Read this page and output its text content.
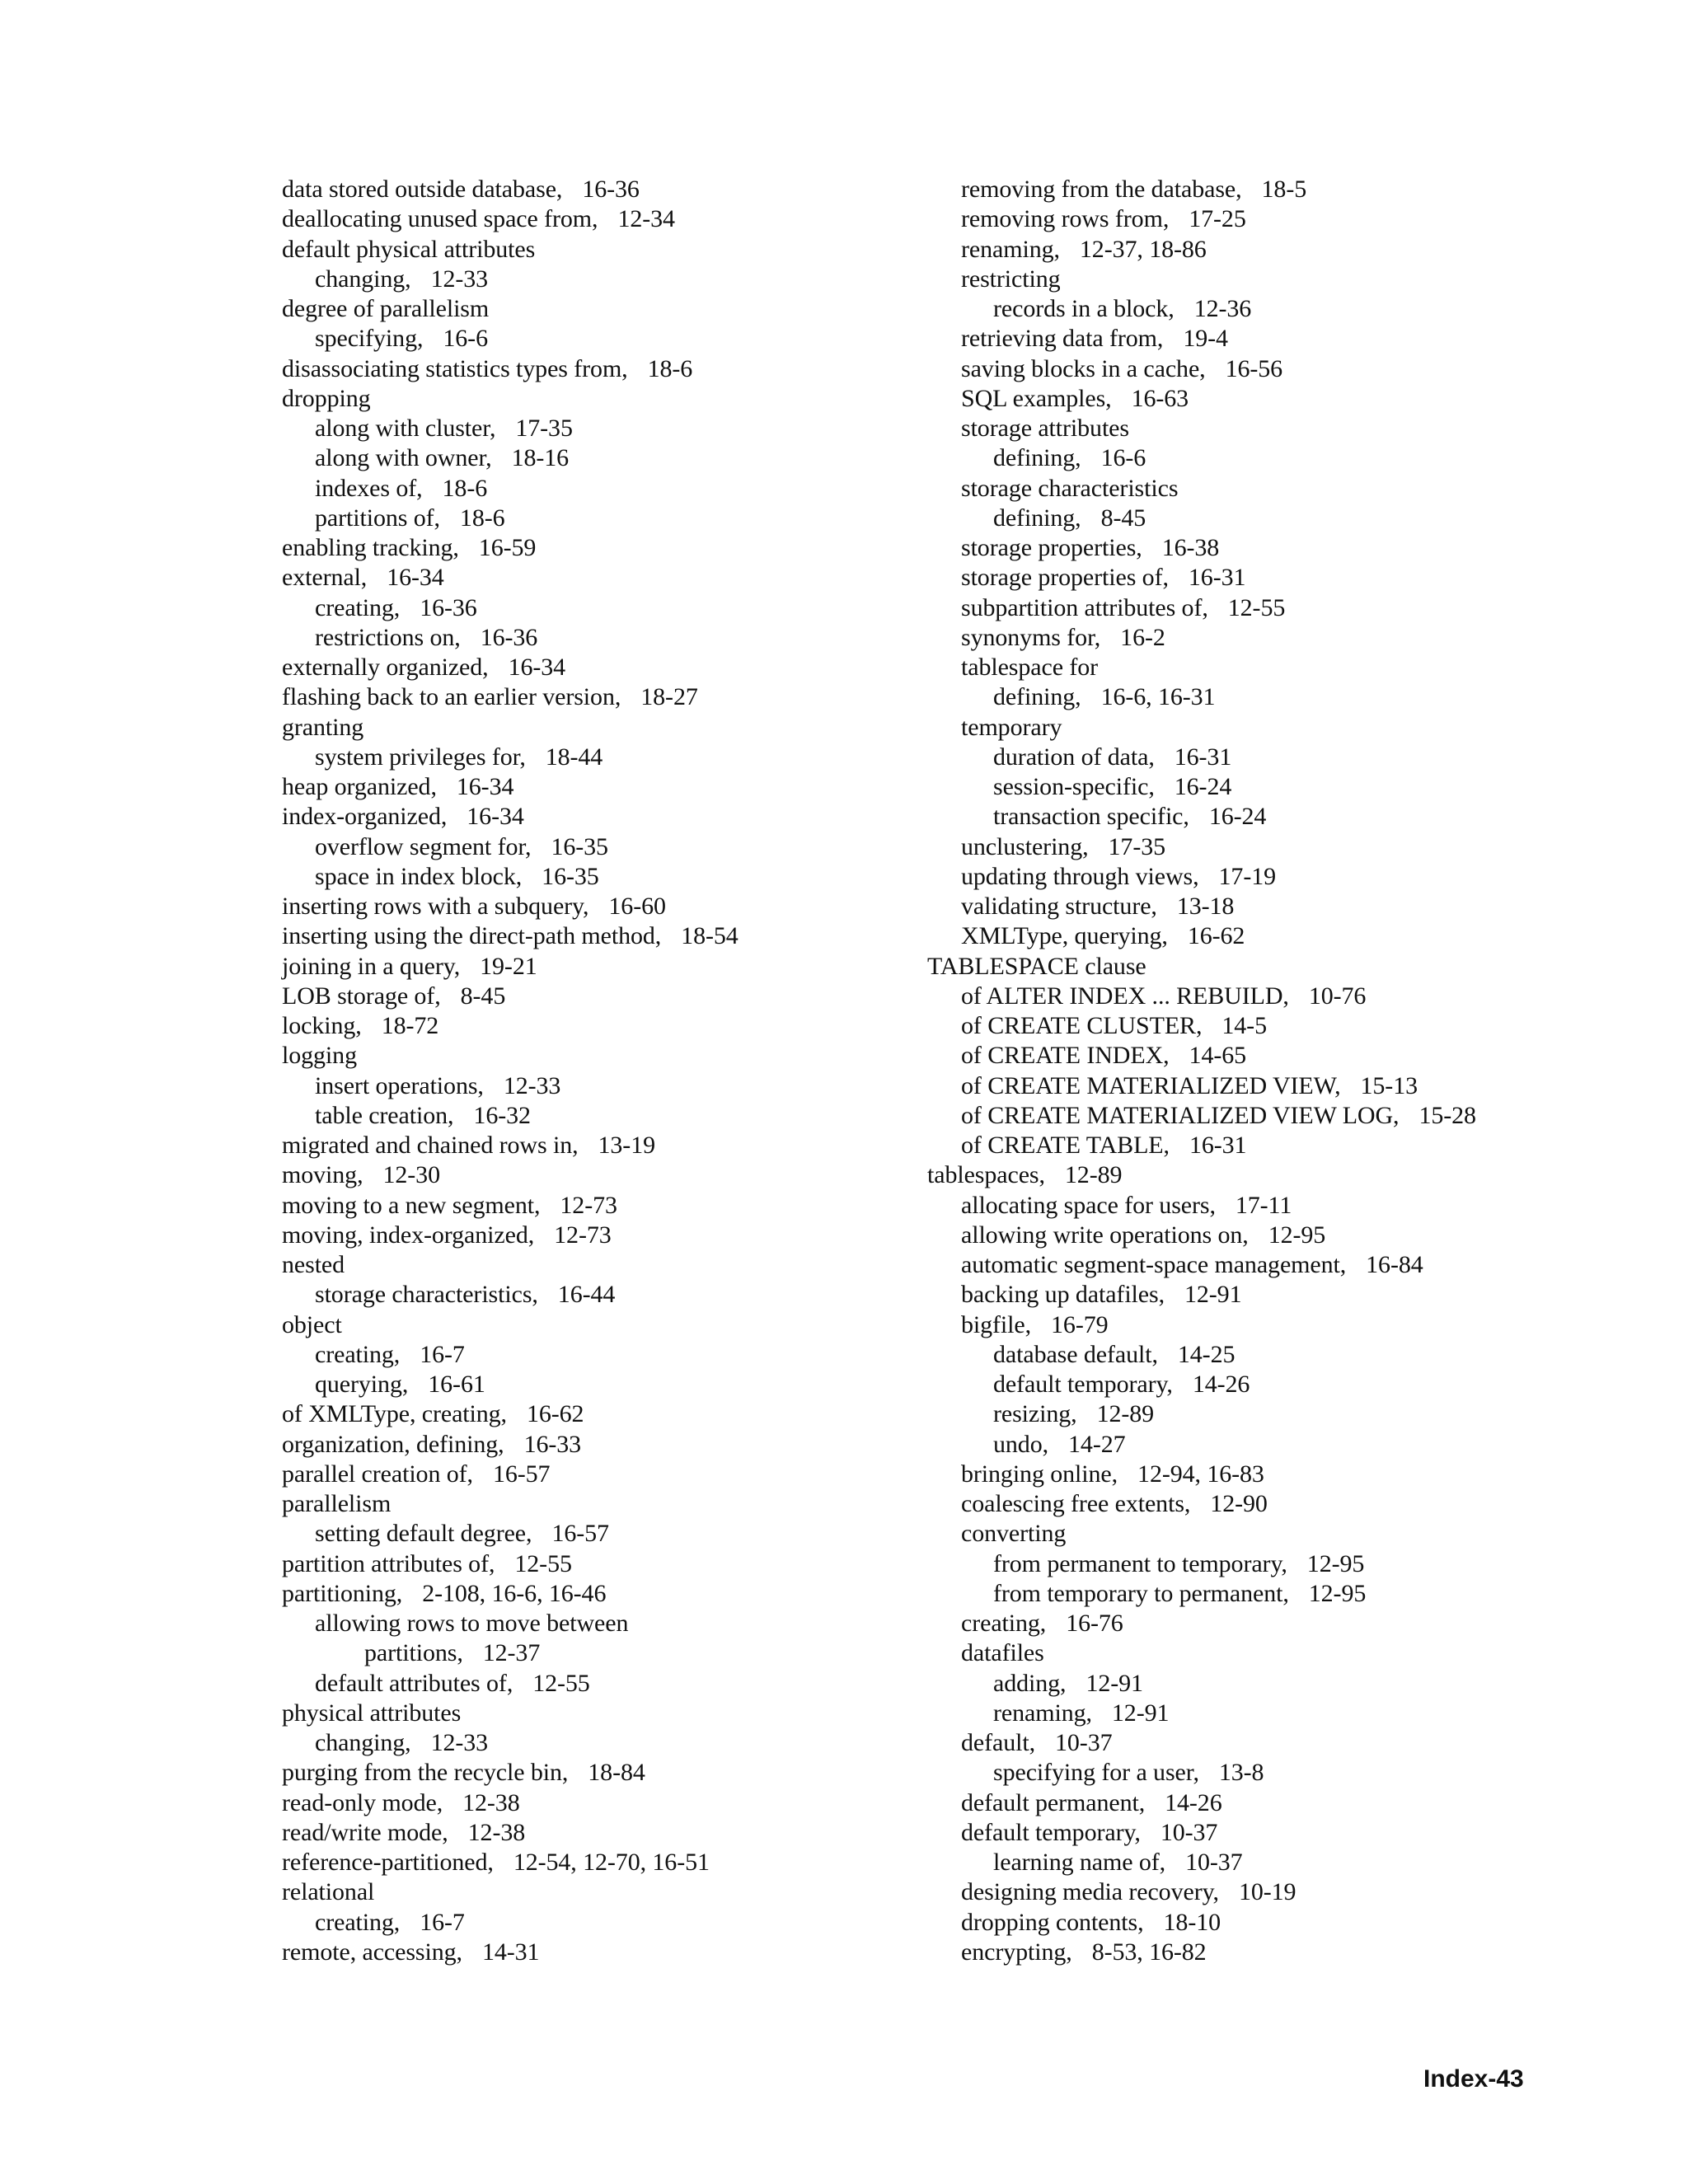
data stored outside database, 16-36
deallocating unused space from, 12-34
default physical attributes
changing, 12-33
degree of parallelism
specifying, 16-6
disassociating statistics types from, 18-6
dropping
along with cluster, 17-35
along with owner, 18-16
indexes of, 18-6
partitions of, 18-6
enabling tracking, 16-59
external, 16-34
creating, 16-36
restrictions on, 16-36
externally organized, 16-34
flashing back to an earlier version, 18-27
granting
system privileges for, 18-44
heap organized, 16-34
index-organized, 16-34
overflow segment for, 16-35
space in index block, 16-35
inserting rows with a subquery, 16-60
inserting using the direct-path method, 18-54
joining in a query, 19-21
LOB storage of, 8-45
locking, 18-72
logging
insert operations, 12-33
table creation, 16-32
migrated and chained rows in, 13-19
moving, 12-30
moving to a new segment, 12-73
moving, index-organized, 12-73
nested
storage characteristics, 16-44
object
creating, 16-7
querying, 16-61
of XMLType, creating, 16-62
organization, defining, 16-33
parallel creation of, 16-57
parallelism
setting default degree, 16-57
partition attributes of, 12-55
partitioning, 2-108, 16-6, 16-46
allowing rows to move between
partitions, 12-37
default attributes of, 12-55
physical attributes
changing, 12-33
purging from the recycle bin, 18-84
read-only mode, 12-38
read/write mode, 12-38
reference-partitioned, 12-54, 12-70, 16-51
relational
creating, 16-7
remote, accessing, 14-31
removing from the database, 18-5
removing rows from, 17-25
renaming, 12-37, 18-86
restricting
records in a block, 12-36
retrieving data from, 19-4
saving blocks in a cache, 16-56
SQL examples, 16-63
storage attributes
defining, 16-6
storage characteristics
defining, 8-45
storage properties, 16-38
storage properties of, 16-31
subpartition attributes of, 12-55
synonyms for, 16-2
tablespace for
defining, 16-6, 16-31
temporary
duration of data, 16-31
session-specific, 16-24
transaction specific, 16-24
unclustering, 17-35
updating through views, 17-19
validating structure, 13-18
XMLType, querying, 16-62
TABLESPACE clause
of ALTER INDEX ... REBUILD, 10-76
of CREATE CLUSTER, 14-5
of CREATE INDEX, 14-65
of CREATE MATERIALIZED VIEW, 15-13
of CREATE MATERIALIZED VIEW LOG, 15-28
of CREATE TABLE, 16-31
tablespaces, 12-89
allocating space for users, 17-11
allowing write operations on, 12-95
automatic segment-space management, 16-84
backing up datafiles, 12-91
bigfile, 16-79
database default, 14-25
default temporary, 14-26
resizing, 12-89
undo, 14-27
bringing online, 12-94, 16-83
coalescing free extents, 12-90
converting
from permanent to temporary, 12-95
from temporary to permanent, 12-95
creating, 16-76
datafiles
adding, 12-91
renaming, 12-91
default, 10-37
specifying for a user, 13-8
default permanent, 14-26
default temporary, 10-37
learning name of, 10-37
designing media recovery, 10-19
dropping contents, 18-10
encrypting, 8-53, 16-82
Index-43
